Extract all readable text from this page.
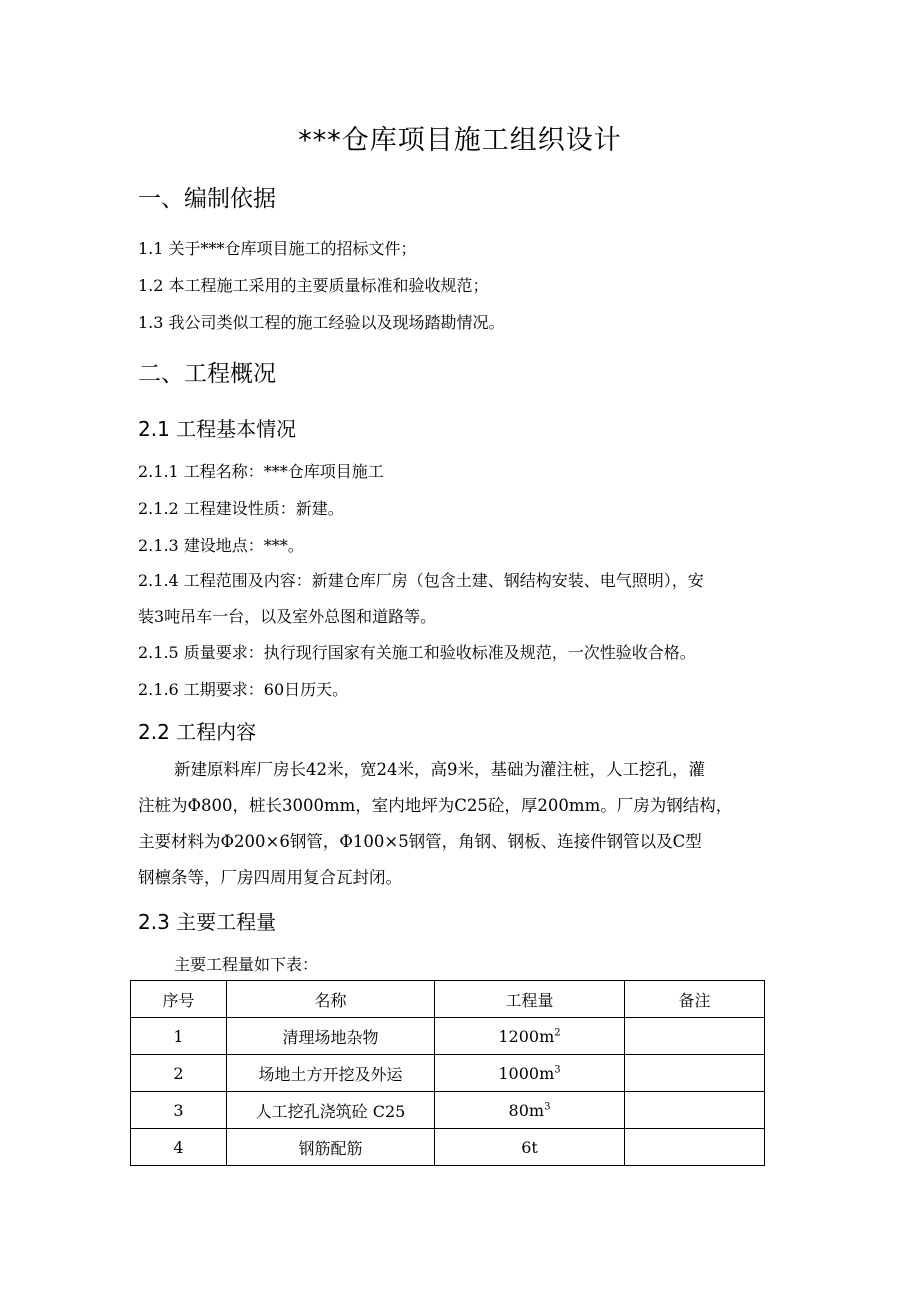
***仓库项目施工组织设计
一、编制依据
1.1 关于***仓库项目施工的招标文件；
1.2 本工程施工采用的主要质量标准和验收规范；
1.3 我公司类似工程的施工经验以及现场踏勘情况。
二、工程概况
2.1 工程基本情况
2.1.1 工程名称：***仓库项目施工
2.1.2 工程建设性质：新建。
2.1.3 建设地点：***。
2.1.4 工程范围及内容：新建仓库厂房（包含土建、钢结构安装、电气照明），安
装3吨吊车一台，以及室外总图和道路等。
2.1.5 质量要求：执行现行国家有关施工和验收标准及规范，一次性验收合格。
2.1.6 工期要求：60日历天。
2.2 工程内容
新建原料库厂房长42米，宽24米，高9米，基础为灌注桩，人工挖孔，灌
注桩为Φ800，桩长3000mm，室内地坪为C25砼，厚200mm。厂房为钢结构，
主要材料为Φ200×6钢管，Φ100×5钢管，角钢、钢板、连接件钢管以及C型
钢檩条等，厂房四周用复合瓦封闭。
2.3 主要工程量
主要工程量如下表：
序号	名称	工程量	备注
1	清理场地杂物	$1200m^2$	
2	场地土方开挖及外运	$1000m^3$	
3	人工挖孔浇筑砼 C25	$80m^3$	
4	钢筋配筋	6t	
